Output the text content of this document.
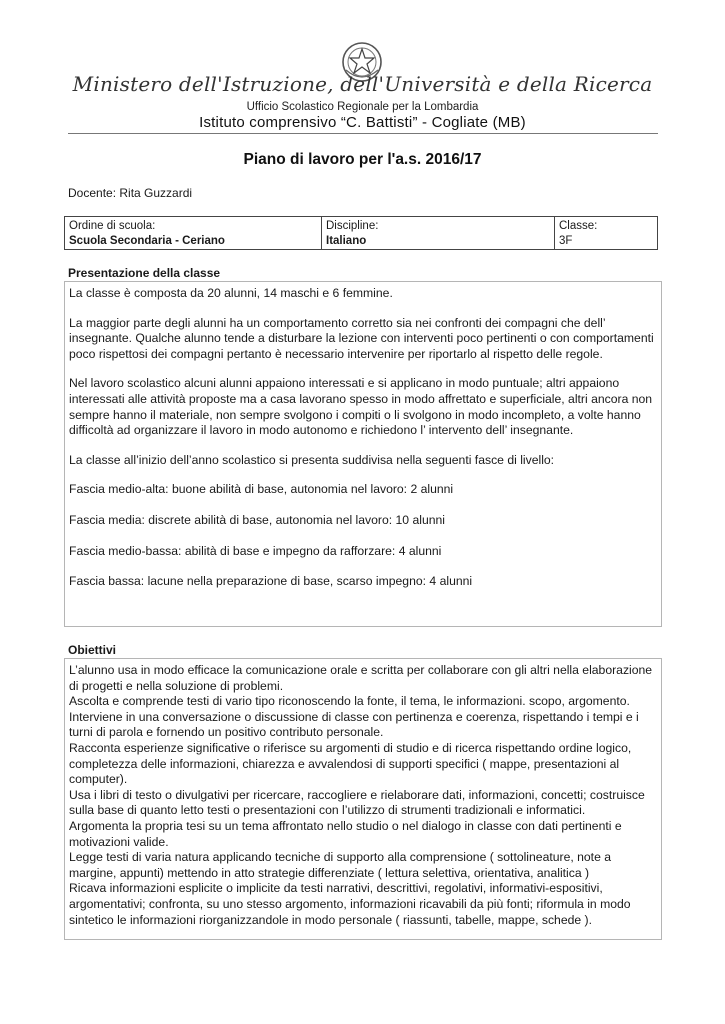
Ministero dell'Istruzione, dell'Università e della Ricerca
Ufficio Scolastico Regionale per la Lombardia
Istituto comprensivo “C. Battisti” - Cogliate (MB)
Piano di lavoro per l'a.s. 2016/17
Docente: Rita Guzzardi
Ordine di scuola:
Scuola Secondaria - Ceriano
Discipline:
Italiano
Classe:
3F
Presentazione della classe

La classe è composta da 20 alunni, 14 maschi e 6 femmine.

La maggior parte degli alunni ha un comportamento corretto sia nei confronti dei compagni che dell’ insegnante. Qualche alunno tende a disturbare la lezione con interventi poco pertinenti o con comportamenti poco rispettosi dei compagni pertanto è necessario intervenire per riportarlo al rispetto delle regole.

Nel lavoro scolastico alcuni alunni appaiono interessati e si applicano in modo puntuale; altri appaiono interessati alle attività proposte ma a casa lavorano spesso in modo affrettato e superficiale, altri ancora non sempre hanno il materiale, non sempre svolgono i compiti o li svolgono in modo incompleto, a volte hanno difficoltà ad organizzare il lavoro in modo autonomo e richiedono l’ intervento dell’ insegnante.

La classe all’inizio dell’anno scolastico si presenta suddivisa nella seguenti fasce di livello:

Fascia medio-alta: buone abilità di base, autonomia nel lavoro: 2 alunni

Fascia media: discrete abilità di base, autonomia nel lavoro: 10 alunni

Fascia medio-bassa: abilità di base e impegno da rafforzare: 4 alunni

Fascia bassa: lacune nella preparazione di base, scarso impegno: 4 alunni

Obiettivi

L’alunno usa in modo efficace la comunicazione orale e scritta per collaborare con gli altri nella elaborazione di progetti e nella soluzione di problemi.

Ascolta e comprende testi di vario tipo riconoscendo la fonte, il tema, le informazioni. scopo, argomento.

Interviene in una conversazione o discussione di classe con pertinenza e coerenza, rispettando i tempi e i turni di parola e fornendo un positivo contributo personale.

Racconta esperienze significative o riferisce su argomenti di studio e di ricerca rispettando ordine logico, completezza delle informazioni, chiarezza e avvalendosi di supporti specifici ( mappe, presentazioni al computer).

Usa i libri di testo o divulgativi per ricercare, raccogliere e rielaborare dati, informazioni, concetti; costruisce sulla base di quanto letto testi o presentazioni con l’utilizzo di strumenti tradizionali e informatici.

Argomenta la propria tesi su un tema affrontato nello studio o nel dialogo in classe con dati pertinenti e motivazioni valide.

Legge testi di varia natura applicando tecniche di supporto alla comprensione ( sottolineature, note a margine, appunti) mettendo in atto strategie differenziate ( lettura selettiva, orientativa, analitica )

Ricava informazioni esplicite o implicite da testi narrativi, descrittivi, regolativi, informativi-espositivi, argomentativi; confronta, su uno stesso argomento, informazioni ricavabili da più fonti; riformula in modo sintetico le informazioni riorganizzandole in modo personale ( riassunti, tabelle, mappe, schede ).
